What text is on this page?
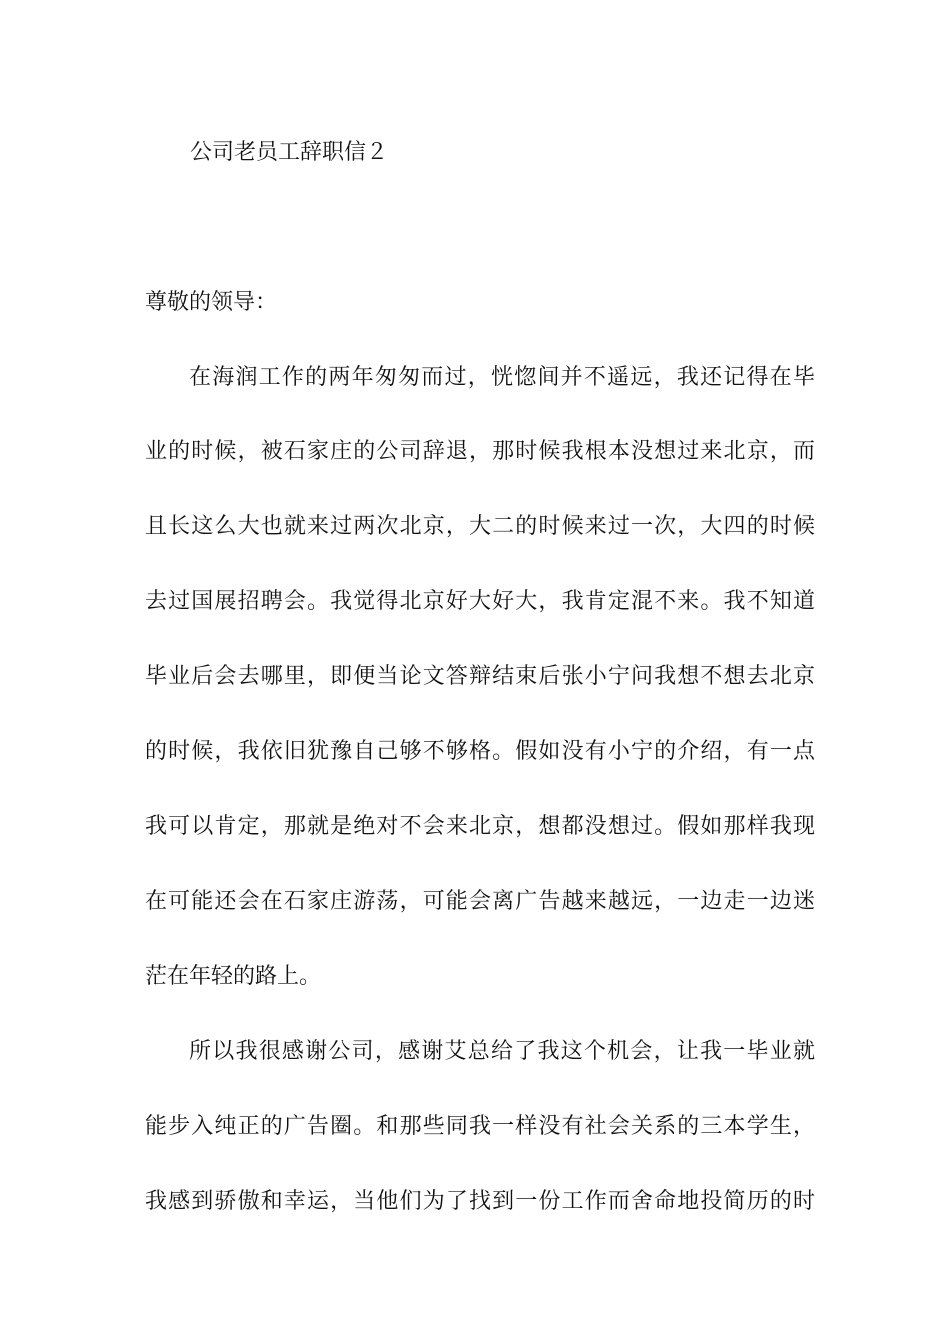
公司老员工辞职信２
尊敬的领导：
在海润工作的两年匆匆而过，恍惚间并不遥远，我还记得在毕
业的时候，被石家庄的公司辞退，那时候我根本没想过来北京，而
且长这么大也就来过两次北京，大二的时候来过一次，大四的时候
去过国展招聘会。我觉得北京好大好大，我肯定混不来。我不知道
毕业后会去哪里，即便当论文答辩结束后张小宁问我想不想去北京
的时候，我依旧犹豫自己够不够格。假如没有小宁的介绍，有一点
我可以肯定，那就是绝对不会来北京，想都没想过。假如那样我现
在可能还会在石家庄游荡，可能会离广告越来越远，一边走一边迷
茫在年轻的路上。
所以我很感谢公司，感谢艾总给了我这个机会，让我一毕业就
能步入纯正的广告圈。和那些同我一样没有社会关系的三本学生，
我感到骄傲和幸运，当他们为了找到一份工作而舍命地投简历的时
